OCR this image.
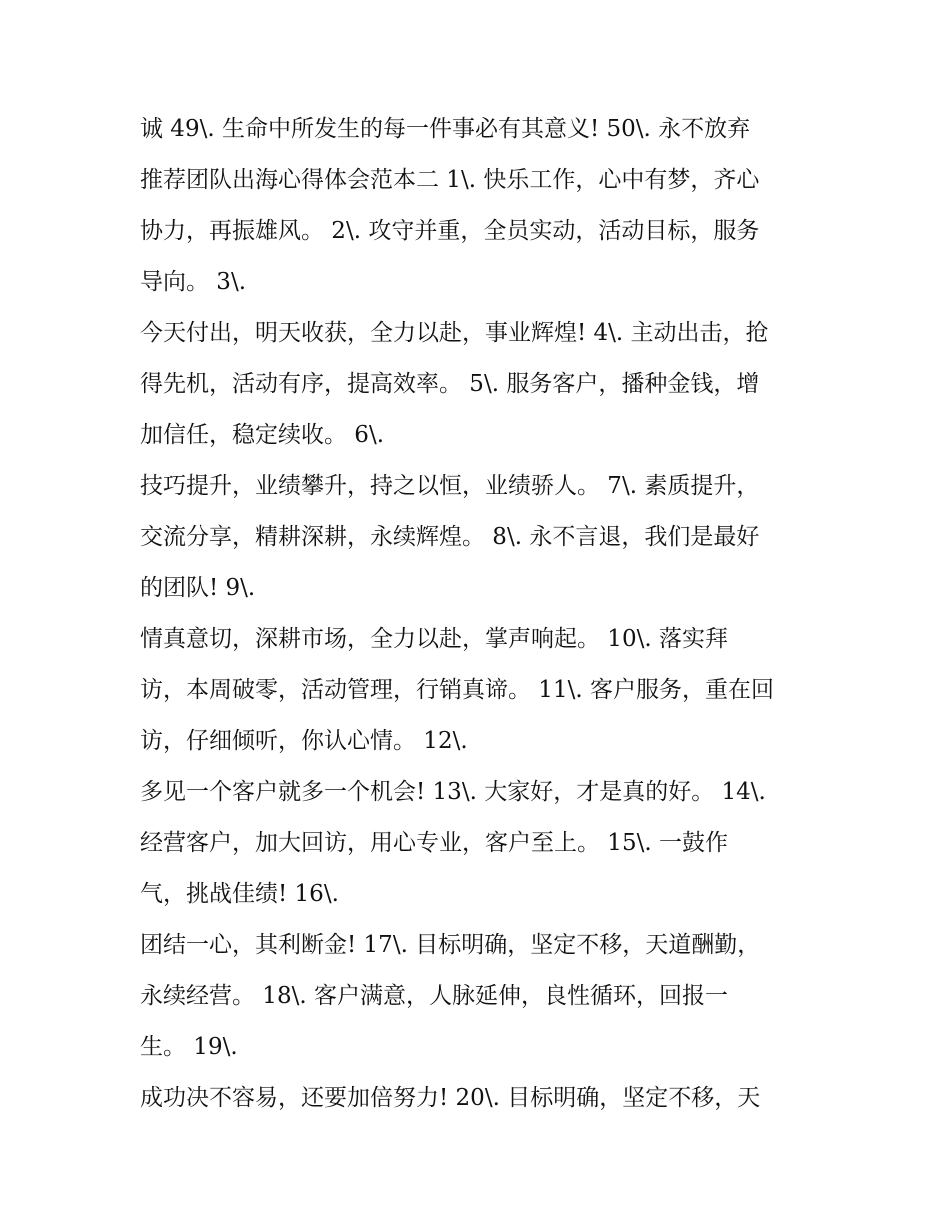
诚 49\. 生命中所发生的每一件事必有其意义! 50\. 永不放弃
推荐团队出海心得体会范本二 1\. 快乐工作，心中有梦，齐心
协力，再振雄风。 2\. 攻守并重，全员实动，活动目标，服务
导向。 3\.
今天付出，明天收获，全力以赴，事业辉煌! 4\. 主动出击，抢
得先机，活动有序，提高效率。 5\. 服务客户，播种金钱，增
加信任，稳定续收。 6\.
技巧提升，业绩攀升，持之以恒，业绩骄人。 7\. 素质提升，
交流分享，精耕深耕，永续辉煌。 8\. 永不言退，我们是最好
的团队! 9\.
情真意切，深耕市场，全力以赴，掌声响起。 10\. 落实拜
访，本周破零，活动管理，行销真谛。 11\. 客户服务，重在回
访，仔细倾听，你认心情。 12\.
多见一个客户就多一个机会! 13\. 大家好，才是真的好。 14\.
经营客户，加大回访，用心专业，客户至上。 15\. 一鼓作
气，挑战佳绩! 16\.
团结一心，其利断金! 17\. 目标明确，坚定不移，天道酬勤，
永续经营。 18\. 客户满意，人脉延伸，良性循环，回报一
生。 19\.
成功决不容易，还要加倍努力! 20\. 目标明确，坚定不移，天
